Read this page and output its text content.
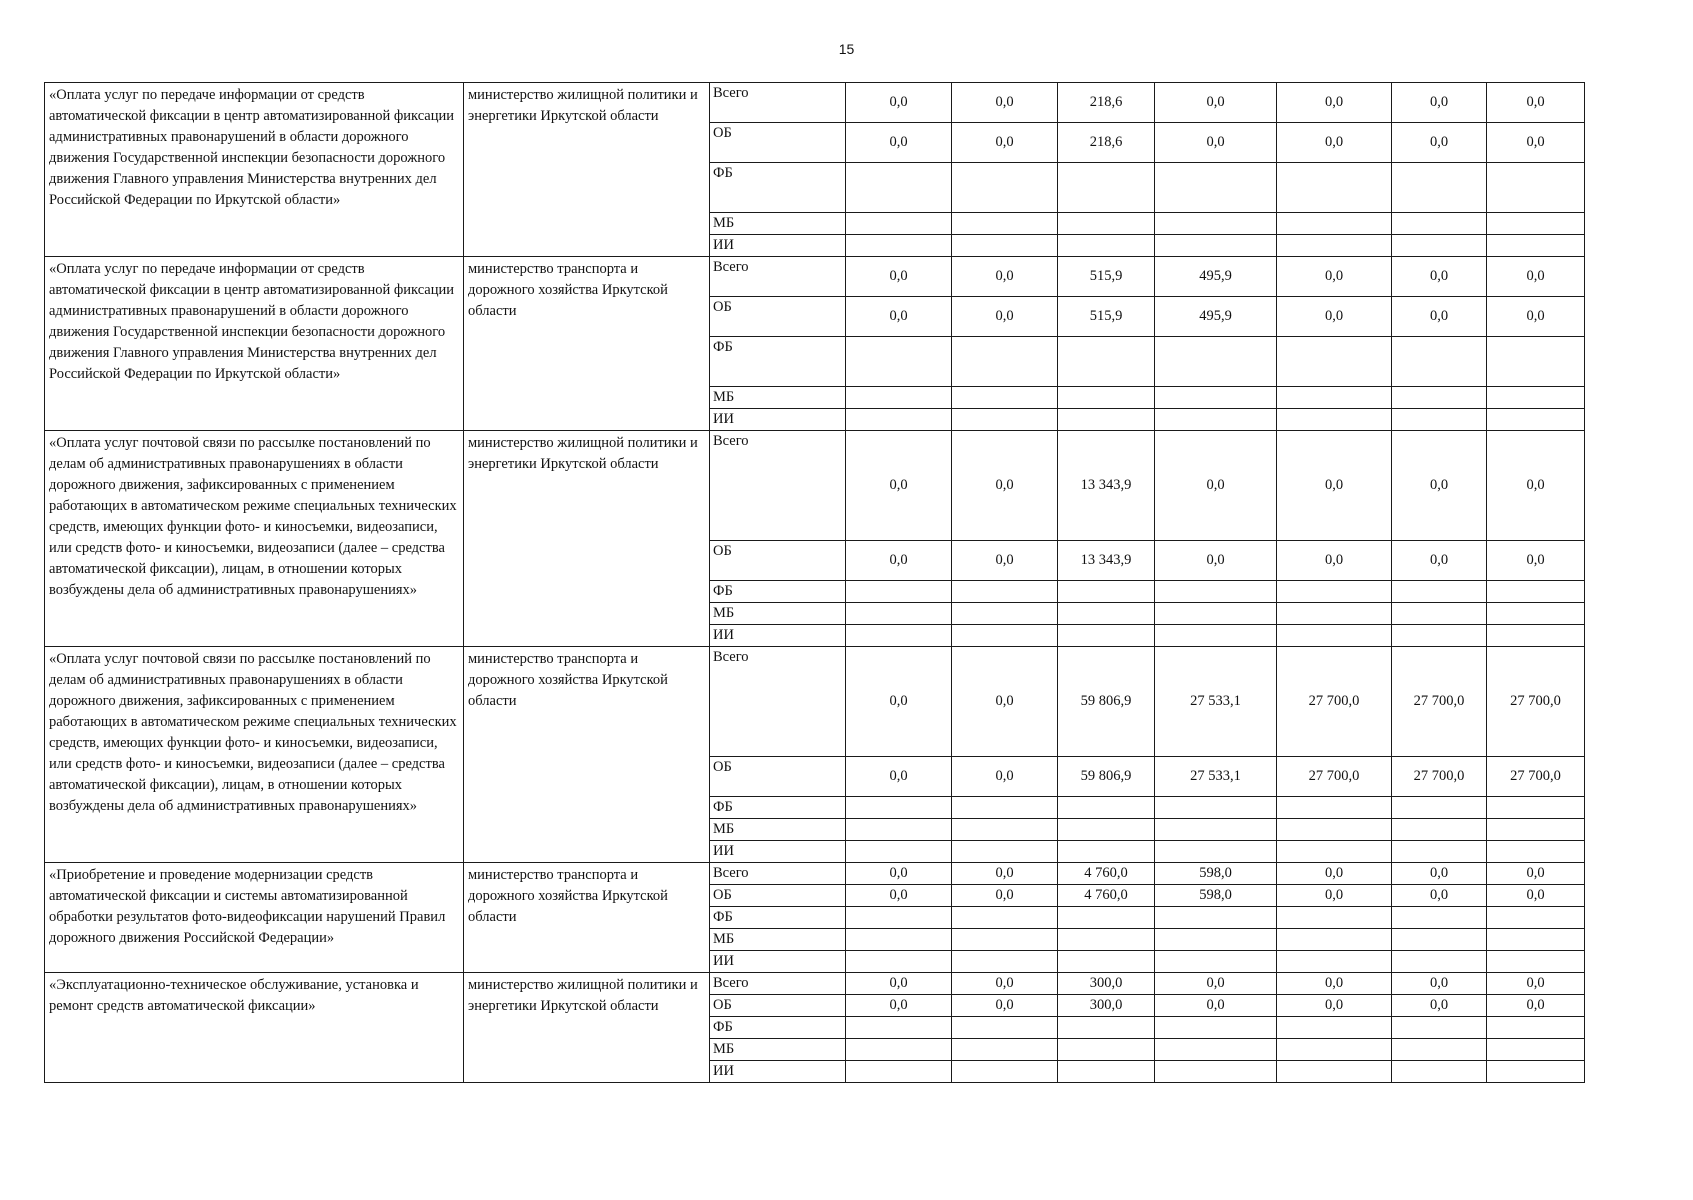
15
«Оплата услуг по передаче информации от средств автоматической фиксации в центр автоматизированной фиксации административных правонарушений в области дорожного движения Государственной инспекции безопасности дорожного движения Главного управления Министерства внутренних дел Российской Федерации по Иркутской области»	министерство жилищной политики и энергетики Иркутской области	Всего	0,0	0,0	218,6	0,0	0,0	0,0	0,0
		ОБ	0,0	0,0	218,6	0,0	0,0	0,0	0,0
		ФБ							
		МБ							
		ИИ							
«Оплата услуг по передаче информации от средств автоматической фиксации в центр автоматизированной фиксации административных правонарушений в области дорожного движения Государственной инспекции безопасности дорожного движения Главного управления Министерства внутренних дел Российской Федерации по Иркутской области»	министерство транспорта и дорожного хозяйства Иркутской области	Всего	0,0	0,0	515,9	495,9	0,0	0,0	0,0
		ОБ	0,0	0,0	515,9	495,9	0,0	0,0	0,0
		ФБ							
		МБ							
		ИИ							
«Оплата услуг почтовой связи по рассылке постановлений по делам об административных правонарушениях в области дорожного движения, зафиксированных с применением работающих в автоматическом режиме специальных технических средств, имеющих функции фото- и киносъемки, видеозаписи, или средств фото- и киносъемки, видеозаписи (далее – средства автоматической фиксации), лицам, в отношении которых возбуждены дела об административных правонарушениях»	министерство жилищной политики и энергетики Иркутской области	Всего	0,0	0,0	13 343,9	0,0	0,0	0,0	0,0
		ОБ	0,0	0,0	13 343,9	0,0	0,0	0,0	0,0
		ФБ							
		МБ							
		ИИ							
«Оплата услуг почтовой связи по рассылке постановлений по делам об административных правонарушениях в области дорожного движения, зафиксированных с применением работающих в автоматическом режиме специальных технических средств, имеющих функции фото- и киносъемки, видеозаписи, или средств фото- и киносъемки, видеозаписи (далее – средства автоматической фиксации), лицам, в отношении которых возбуждены дела об административных правонарушениях»	министерство транспорта и дорожного хозяйства Иркутской области	Всего	0,0	0,0	59 806,9	27 533,1	27 700,0	27 700,0	27 700,0
		ОБ	0,0	0,0	59 806,9	27 533,1	27 700,0	27 700,0	27 700,0
		ФБ							
		МБ							
		ИИ							
«Приобретение и проведение модернизации средств автоматической фиксации и системы автоматизированной обработки результатов фото-видеофиксации нарушений Правил дорожного движения Российской Федерации»	министерство транспорта и дорожного хозяйства Иркутской области	Всего	0,0	0,0	4 760,0	598,0	0,0	0,0	0,0
		ОБ	0,0	0,0	4 760,0	598,0	0,0	0,0	0,0
		ФБ							
		МБ							
		ИИ							
«Эксплуатационно-техническое обслуживание, установка и ремонт средств автоматической фиксации»	министерство жилищной политики и энергетики Иркутской области	Всего	0,0	0,0	300,0	0,0	0,0	0,0	0,0
		ОБ	0,0	0,0	300,0	0,0	0,0	0,0	0,0
		ФБ							
		МБ							
		ИИ							
